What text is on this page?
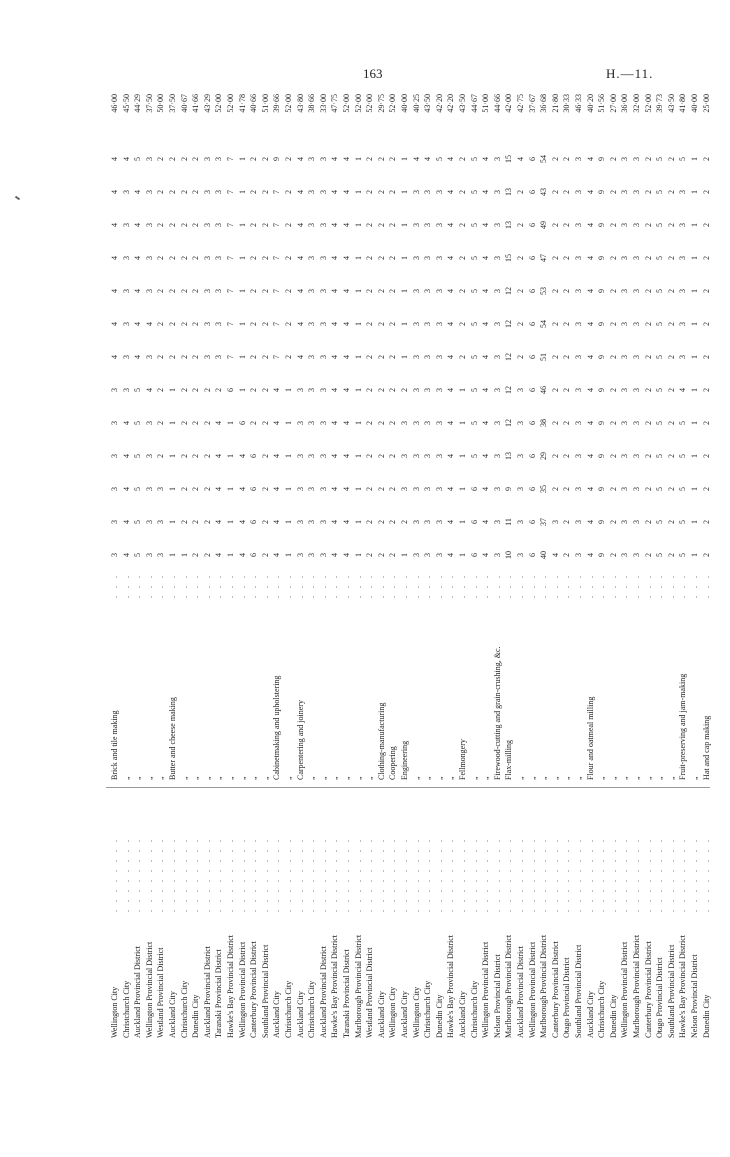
163	H.—11.
Wellington City
. . . . . . . .
Brick and tile making
. . .
3
3
3
3
3
3
4
4
4
4
4
4
4
46·00
Christchurch City
. . . . . . . .
„
. . .
4
4
4
4
4
3
3
3
3
3
3
3
4
45·50
Auckland Provincial District
. . . . . . . .
„
. . .
5
5
5
5
5
5
4
4
4
4
4
4
5
44·29
Wellington Provincial District
. . . . . . . .
„
. . .
3
3
3
3
3
4
3
4
3
3
3
3
3
37·50
Westland Provincial District
. . . . . . . .
„
. . .
3
3
3
2
2
2
2
2
2
2
2
2
2
50·00
Auckland City
. . . . . . . .
Butter and cheese making
. . .
1
1
1
1
1
1
2
2
2
2
2
2
2
37·50
Christchurch City
. . . . . . . .
„
. . .
1
2
2
2
2
2
2
2
2
2
2
2
2
40·67
Dunedin City
. . . . . . . .
„
. . .
2
2
2
2
2
2
2
2
2
2
2
2
2
41·66
Auckland Provincial District
. . . . . . . .
„
. . .
2
2
2
2
2
2
3
3
3
3
3
3
3
43·29
Taranaki Provincial District
. . . . . . . .
„
. . .
4
4
4
4
4
2
3
3
3
3
3
3
3
52·00
Hawke's Bay Provincial District
. . . . . . . .
„
. . .
1
1
1
1
1
6
7
7
7
7
7
7
7
52·00
Wellington Provincial District
. . . . . . . .
„
. . .
4
4
4
4
6
1
1
1
1
1
1
1
1
41·78
Canterbury Provincial District
. . . . . . . .
„
. . .
6
6
6
6
2
2
2
2
2
2
2
2
2
40·66
Southland Provincial District
. . . . . . . .
„
. . .
2
2
2
2
2
2
2
2
2
2
2
2
2
51·00
Auckland City
. . . . . . . .
Cabinetmaking and upholstering
. . .
4
4
4
4
4
4
7
7
7
7
7
7
9
39·66
Christchurch City
. . . . . . . .
„
. . .
1
1
1
1
1
1
2
2
2
2
2
2
2
52·00
Auckland City
. . . . . . . .
Carpentering and joinery
. . .
3
3
3
3
3
3
4
4
4
4
4
4
4
43·80
Christchurch City
. . . . . . . .
„
. . .
3
3
3
3
3
3
3
3
3
3
3
3
3
38·66
Auckland Provincial District
. . . . . . . .
„
. . .
3
3
3
3
3
3
3
3
3
3
3
3
3
33·00
Hawke's Bay Provincial District
. . . . . . . .
„
. . .
4
4
4
4
4
4
4
4
4
4
4
4
4
47·75
Taranaki Provincial District
. . . . . . . .
„
. . .
4
4
4
4
4
4
4
4
4
4
4
4
4
52·00
Marlborough Provincial District
. . . . . . . .
„
. . .
1
1
1
1
1
1
1
1
1
1
1
1
1
52·00
Westland Provincial District
. . . . . . . .
„
. . .
2
2
2
2
2
2
2
2
2
2
2
2
2
52·00
Auckland City
. . . . . . . .
Clothing-manufacturing
. . .
2
2
2
2
2
2
2
2
2
2
2
2
2
29·75
Wellington City
. . . . . . . .
Coopering
. . .
2
2
2
2
2
2
2
2
2
2
2
2
2
52·00
Auckland City
. . . . . . . .
Engineering
. . .
1
2
3
3
3
2
1
1
1
1
1
1
1
40·00
Wellington City
. . . . . . . .
„
. . .
3
3
3
3
3
3
3
3
3
3
3
3
4
40·25
Christchurch City
. . . . . . . .
„
. . .
3
3
3
3
3
3
3
3
3
3
3
3
4
43·50
Dunedin City
. . . . . . . .
„
. . .
3
3
3
3
3
3
3
3
3
3
3
3
5
42·20
Hawke's Bay Provincial District
. . . . . . . .
„
. . .
4
4
4
4
4
4
4
4
4
4
4
4
4
42·20
Auckland City
. . . . . . . .
Fellmongery
. . .
1
1
1
1
1
1
2
2
2
2
2
2
2
43·50
Christchurch City
. . . . . . . .
„
. . .
6
6
6
5
5
5
5
5
5
5
5
5
5
44·67
Wellington Provincial District
. . . . . . . .
„
. . .
4
4
4
4
4
4
4
4
4
4
4
4
4
51·00
Nelson Provincial District
. . . . . . . .
Firewood-cutting and grain-crushing, &c.
. . .
3
3
3
3
3
3
3
3
3
3
3
3
3
44·66
Marlborough Provincial District
. . . . . . . .
Flax-milling
. . .
10
11
9
13
12
12
12
12
12
15
13
13
15
42·00
Auckland Provincial District
. . . . . . . .
„
. . .
3
3
3
3
3
3
2
2
2
2
2
2
4
42·75
Wellington Provincial District
. . . . . . . .
„
. . .
6
6
6
6
6
6
6
6
6
6
6
6
6
37·67
Marlborough Provincial District
. . . . . . . .
„
. . .
40
37
35
29
38
46
51
54
53
47
49
43
54
36·68
Canterbury Provincial District
. . . . . . . .
„
. . .
4
3
2
2
2
2
2
2
2
2
2
2
2
21·80
Otago Provincial District
. . . . . . . .
„
. . .
2
2
2
2
2
2
2
2
2
2
2
2
2
30·33
Southland Provincial District
. . . . . . . .
„
. . .
3
3
3
3
3
3
3
3
3
3
3
3
3
46·33
Auckland City
. . . . . . . .
Flour and oatmeal milling
. . .
4
4
4
4
4
4
4
4
4
4
4
4
4
40·20
Christchurch City
. . . . . . . .
„
. . .
9
9
9
9
9
9
9
9
9
9
9
9
9
51·56
Dunedin City
. . . . . . . .
„
. . .
2
2
2
2
2
2
2
2
2
2
2
2
2
27·00
Wellington Provincial District
. . . . . . . .
„
. . .
3
3
3
3
3
3
3
3
3
3
3
3
3
36·00
Marlborough Provincial District
. . . . . . . .
„
. . .
3
3
3
3
3
3
3
3
3
3
3
3
3
32·00
Canterbury Provincial District
. . . . . . . .
„
. . .
2
2
2
2
2
2
2
2
2
2
2
2
2
52·00
Otago Provincial District
. . . . . . . .
„
. . .
5
5
5
5
5
5
5
5
5
5
5
5
5
39·73
Southland Provincial District
. . . . . . . .
„
. . .
2
2
2
2
2
2
2
2
2
2
2
2
2
43·50
Hawke's Bay Provincial District
. . . . . . . .
Fruit-preserving and jam-making
. . .
5
5
5
5
5
4
3
3
3
3
3
3
5
41·80
Nelson Provincial District
. . . . . . . .
„
. . .
1
1
1
1
1
1
1
1
1
1
1
1
1
40·00
Dunedin City
. . . . . . . .
Hat and cap making
. . .
2
2
2
2
2
2
2
2
2
2
2
2
2
25·00
